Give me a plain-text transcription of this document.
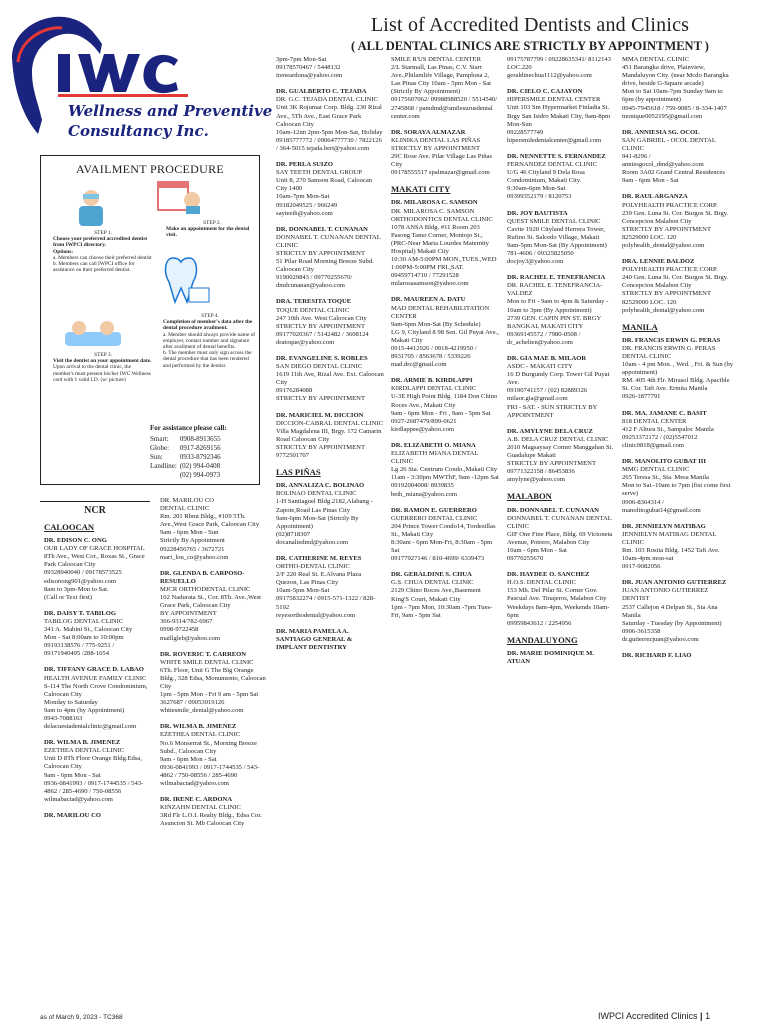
Wellness and Preventive
Consultancy Inc.
List of Accredited Dentists and Clinics
( ALL DENTAL CLINICS ARE STRICTLY BY APPOINTMENT )
AVAILMENT PROCEDURE
STEP 1.
Choose your preferred accredited dentist from IWPCI directory.
Options:
a. Members can choose their preferred dentist
b. Members can call IWPCI office for assistance on their preferred dentist.
STEP 2.
Make an appointment for the dental visit.
STEP 3.
Visit the dentist on your appointment date.
Upon arrival to the dental clinic, the member's must present his/her IWC Wellness card with 1 valid I.D. (w/ picture)
STEP 4.
Completion of member's data after the dental procedure availment.
a. Member should always provide name of employer, contact number and signature after availment of dental benefits.
b. The member must only sign across the dental procedure that has been rendered and performed by the dentist.
For assistance please call:
Smart:	0908-8913655
Globe:	0917-8269156
Sun:	0933-8792346
Landline:	(02) 994-0408
	(02) 994-0973
NCR
CALOOCAN
DR. EDISON C. ONG
OUR LADY OF GRACE HOSPITAL
8Th Ave., West Cor., Roxas St., Grace Park Caloocan City
09328940040 / 09178573525
edisonong901@yahoo.com
8am to 3pm-Mon to Sat.
(Call or Text first)
DR. DAISY T. TABILOG
TABILOG DENTAL CLINIC
341 A. Mabini St., Caloocan City
Mon - Sat 8:00am to 10:00pm
09193138576 / 775-9251 / 09171940495 /288-1654
DR. TIFFANY GRACE D. LABAO
HEALTH AVENUE FAMILY CLINIC
S-114 The North Crove Condominium, Caloocan City
Monday to Saturday
9am to 4pm (by Appointment)
0943-7088163
delacuestadentalclinic@gmail.com
DR. WILMA B. JIMENEZ
EZETHEA DENTAL CLINIC
Unit D 8Th Floor Orange Bldg.Edsa, Caloocan City
9am - 6pm Mon - Sat
0936-0841993 / 0917-1744535 / 543-4862 / 285-4690 / 750-08556
wilmabactad@yahoo.com
DR. MARILOU CO
DR. MARILOU CO
DENTAL CLINIC
Rm. 201 Rbmt Bldg., #109 5Th. Ave.,West Grace Park, Caloocan City
9am - 6pm Mon - Sun
Strictly By Appointment
09228456765 / 3672721
mari_lou_co@yahoo.com
DR. GLENDA B. CARPOSO-RESUELLO
MJCR ORTHODENTAL CLINIC
102 Nadurata St., Cor. 8Th. Ave.,West Grace Park, Caloocan City
BY APPOINTMENT
366-9314/782-6967
0998-9722458
maillgleb@yahoo.com
DR. ROVERIC T. CARREON
WHITE SMILE DENTAL CLINIC
6Th. Floor, Unit G The Big Orange Bldg., 328 Edsa, Monumento, Caloocan City
1pm - 5pm Mon - Fri 9 am - 5pm Sat
3627687 / 09053019126
whitesmile_dental@yahoo.com
DR. WILMA B. JIMENEZ
EZETHEA DENTAL CLINIC
No.6 Monserrat St., Morning Breeze Subd., Caloocan City
9am - 6pm Mon - Sat
0936-0841993 / 0917-1744535 / 543-4862 / 750-08556 / 285-4690
wilmabactad@yahoo.com
DR. IRENE C. ARDONA
KINZAHN DENTAL CLINIC
3Rd Flr L.O.I. Realty Bldg., Edsa Cor. Asuncion St. Mb Caloocan City
3pm-7pm Mon-Sat
09178570467 / 5448132
ireneardona@yahoo.com
DR. GUALBERTO C. TEJADA
DR. G.C. TEJADA DENTAL CLINIC
Unit 3K Rojumar Corp. Bldg. 230 Rizal Ave., 5Th Ave., East Grace Park Caloocan City
10am-12nn 2pm-5pm Mon-Sat, Holiday
09185777772 / 09064777730 / 7822126 / 364-5015 tejada.bert@yahoo.com
DR. PERLA SUIZO
SAY TEETH DENTAL GROUP
Unit 8, 270 Samson Road, Caloocan City 1400
10am-7pm Mon-Sat
09182049525 / 966249
sayteeth@yahoo.com
DR. DONNABEL T. CUNANAN
DONNABEL T. CUNANAN DENTAL CLINIC
STRICTLY BY APPOINTMENT
51 Pilar Road Morning Breeze Subd. Caloocan City
9190029843 / 09770255670/
dmdcunanan@yahoo.com
DRA. TERESITA TOQUE
TOQUE DENTAL CLINIC
247 10th Ave. West Caloocan City
STRICTLY BY APPOINTMENT
09177020367 / 5142482 / 3608124 dratoque@yahoo.com
DR. EVANGELINE S. ROBLES
SAN DIEGO DENTAL CLINIC
1619 11th Ave, Rizal Ave. Ext. Caloocan City
09176284088
STRICTLY BY APPOINTMENT
DR. MARICIEL M. DICCION
DICCION-CABRAL DENTAL CLINIC
Villa Magdalena III, Brgy. 172 Camarin Road Caloocan City
STRICTLY BY APPOINTMENT
9772501707
LAS PIÑAS
DR. ANNALIZA C. BOLINAO
BOLINAO DENTAL CLINIC
1-H Santiaguel Bldg.2182,Alabang -Zapote,Road Las Pinas City
9am-6pm Mon-Sat (Strictly By Appointment)
(02)8718307
docanaliedmd@yahoo.com
DR. CATHERINE M. REYES
ORTHO-DENTAL CLINIC
2/F 220 Real St. E.Alvana Plaza Quezon, Las Pinas City
10am-5pm Mon-Sat
09175832274 / 0915-571-1322 / 828-5192
reyesorthodental@yahoo.com
DR. MARIA PAMELA A. SANTIAGO GENERAL & IMPLANT DENTISTRY
SMILE R'US DENTAL CENTER
2/L Starmall, Las Pinas, C.V. Starr Ave.,Philamlife Village, Pamplona 2, Las Pinas City 10am - 5pm Mon - Sat (Strictly By Appointment)
09175607062/ 09988988520 / 5514540/ 2745868 / pamdmd@smilesurusdental center.com
DR. SORAYA ALMAZAR
KLINIKA DENTAL LAS PIÑAS STRICTLY BY APPOINTMENT
29C Rose Ave. Pilar Village Las Piñas City
09178555517 spalmazar@gmail.com
MAKATI CITY
DR. MILAROSA C. SAMSON
DR. MILAROSA C. SAMSON ORTHODONTICS DENTAL CLINIC
1078 ANSA Bldg. #11 Room 203 Pasong Tamo Corner, Montojo St., (PRC-Near Maria Lourdes Maternity Hospital) Makati City
10:30 AM-5:00PM MON.,TUES.,WED 1:00PM-5:00PM FRI.,SAT.
09459714710 / 77291528 milarosasamson@yahoo.com
DR. MAUREEN A. DATU
MAD DENTAL REHABILITATION CENTER
9am-6pm Mon-Sat (By Schedule)
LG 9, Cityland 8 98 Sen. Gil Puyat Ave., Makati City
0915-4412926 / 0918-4219950 / 8931705 / 8563678 / 5339226
mad.drc@gmail.com
DR. ARMIE B. KIRDLAPPI
KIRDLAPPI DENTAL CLINIC
U-3E High Point Bldg. 1184 Don Chino Roces Ave., Makati City
9am - 6pm Mon - Fri , 9am - 5pm Sat
0927-2687479/899-0621
kirdlappee@yahoo.com
DR. ELIZABETH O. MIANA
ELIZABETH MIANA DENTAL CLINIC
Lg 26 Sta. Centrum Condo.,Makati City
11am - 3:30pm MWThF, 9am -12pm Sat
09192004008/ 8939835
beth_miana@yahoo.com
DR. RAMON E. GUERRERO
GUERRERO DENTAL CLINIC
204 Prince Tower Condo14, Tordesillas St., Makati City
8:30am - 6pm Mon-Fri, 8:30am - 5pm Sat
09177927146 / 810-4699/ 6339473
DR. GERALDINE S. CHUA
G.S. CHUA DENTAL CLINIC
2129 Chino Roces Ave.,Basement King'S Court, Makati City
1pm - 7pm Mon, 10:30am -7pm Tues-Fri, 9am - 5pm Sat
09175787799 / 09228635341/ 8112143 LOC.220
geraldinechua1112@yahoo.com
DR. CIELO C. CAJAYON
HIPERSMILE DENTAL CENTER
Unit 103 Sm Hypermarket Finladia St. Brgy San Isidro Makati City, 9am-8pm Mon-Sun
09228577749
hipersmiledentalcenter@gmail.com
DR. NENNETTE S. FERNANDEZ
FERNANDEZ DENTAL CLINIC
U/G 46 Cityland 9 Dela Rosa Condominium, Makati City.
9:30am-6pm Mon-Sat
09399352179 / 8120753
DR. JOY BAUTISTA
QUEST SMILE DENTAL CLINIC
Cavite 1920 Cityland Herrera Tower, Rufino St. Salcedo Village, Makati
9am-5pm Mon-Sat (By Appointment)
781-4606 / 09325825050
docjoy3@yahoo.com
DR. RACHEL E. TENEFRANCIA
DR. RACHEL E. TENEFRANCIA-VALDEZ
Mon to Fri - 9am to 4pm & Saturday - 10am to 3pm (By Appointment)
2739 GEN. CAPIN PIN ST. BRGY BANGKAL MAKATI CITY 09369145572 / 7980-0508 / dr_achelten@yahoo.com
DR. GIA MAE B. MILAOR
ASDC - MAKATI CITY
16 D Burgundy Corp. Tower Gil Puyat Ave.
09190741157 / (02) 82889326 milaor.gia@gmail.com
FRI - SAT. - SUN STRICTLY BY APPOINTMENT
DR. AMYLYNE DELA CRUZ
A.B. DELA CRUZ DENTAL CLINIC
2010 Magsaysay Corner Manggahan St. Guadalupe Makati
STRICTLY BY APPOINTMENT
09771322158 / 86453836
amylyne@yahoo.com
MALABON
DR. DONNABEL T. CUNANAN
DONNABEL T. CUNANAN DENTAL CLINIC
GIF One Fine Place, Bldg. 69 Victoneta Avenue, Potrero, Malabon City
10am - 6pm Mon - Sat
09770255670
DR. HAYDEE O. SANCHEZ
H.O.S. DENTAL CLINIC
153 Mh. Del Pilar St. Corner Gov. Pascual Ave. Tinajeros, Malabon City
Weekdays 8am-4pm, Weekends 10am-6pm
09959843612 / 2254956
MANDALUYONG
DR. MARIE DOMINIQUE M. ATUAN
MMA DENTAL CLINIC
451 Barangka drive, Plainview, Mandaluyon City. (near Mcdo Barangka drive, beside G-Square arcade)
Mon to Sat 10am-7pm Sunday 9am to 6pm (by appointment)
0945-7945618 / 759-9085 / 8-334-1407
monique0052195@gmail.com
DR. ANNIESIA SG. OCOL
SAN GABRIEL - OCOL DENTAL CLINIC
941-8296 / anniesgocol_dmd@yahoo.com
Room 3A02 Grand Central Residences 9am - 6pm Mon - Sat
DR. RAUL ARGANZA
POLYHEALTH PRACTICE CORP.
239 Gen. Luna St. Cor. Burgos St. Brgy. Concepcion Malabon City
STRICTLY BY APPOINTMENT
82529000 LOC. 120
polyhealth_dental@yahoo.com
DRA. LENNIE BALDOZ
POLYHEALTH PRACTICE CORP.
240 Gen. Luna St. Cor. Burgos St. Brgy. Concepcion Malabon City
STRICTLY BY APPOINTMENT
82529000 LOC. 120
polyhealth_dental@yahoo.com
MANILA
DR. FRANCIS ERWIN G. PERAS
DR. FRANCIS ERWIN G. PERAS DENTAL CLINIC
10am - 4 pm Mon. , Wed. , Fri. & Sun (by appointment)
RM. 405 4th Flr. Mirasol Bldg. Apacible St. Cor. Taft Ave. Ermita Manila
0926-1877791
DR. MA. JAMANE C. BASIT
818 DENTAL CENTER
412 F Altura St., Sampaloc Manila
09253372172 / (02)5547012
clinic0818@gmail.com
DR. MANOLITO GUBAT III
MMG DENTAL CLINIC
265 Teresa St., Sta. Mesa Manila
Mon to Sat.-10am to 7pm (fist come first serve)
0906-8364314 / manolitogubat14@gmail.com
DR. JENNIELYN MATIBAG
JENNIELYN MATIBAG DENTAL CLINIC
Rm. 103 Rosita Bldg. 1452 Taft Ave.
10am-4pm mon-sat
0917-9082056
DR. JUAN ANTONIO GUTIERREZ
JUAN ANTONIO GUTIERREZ DENTIST
2537 Callejon 4 Delpan St., Sta Ana Manila
Saturday - Tuesday (by Appointment)
0906-3615358
dr.gutierrezjuan@yahoo.com
DR. RICHARD F. LIAO
as of March 9, 2023 - TC368	IWPCI Accredited Clinics | 1
